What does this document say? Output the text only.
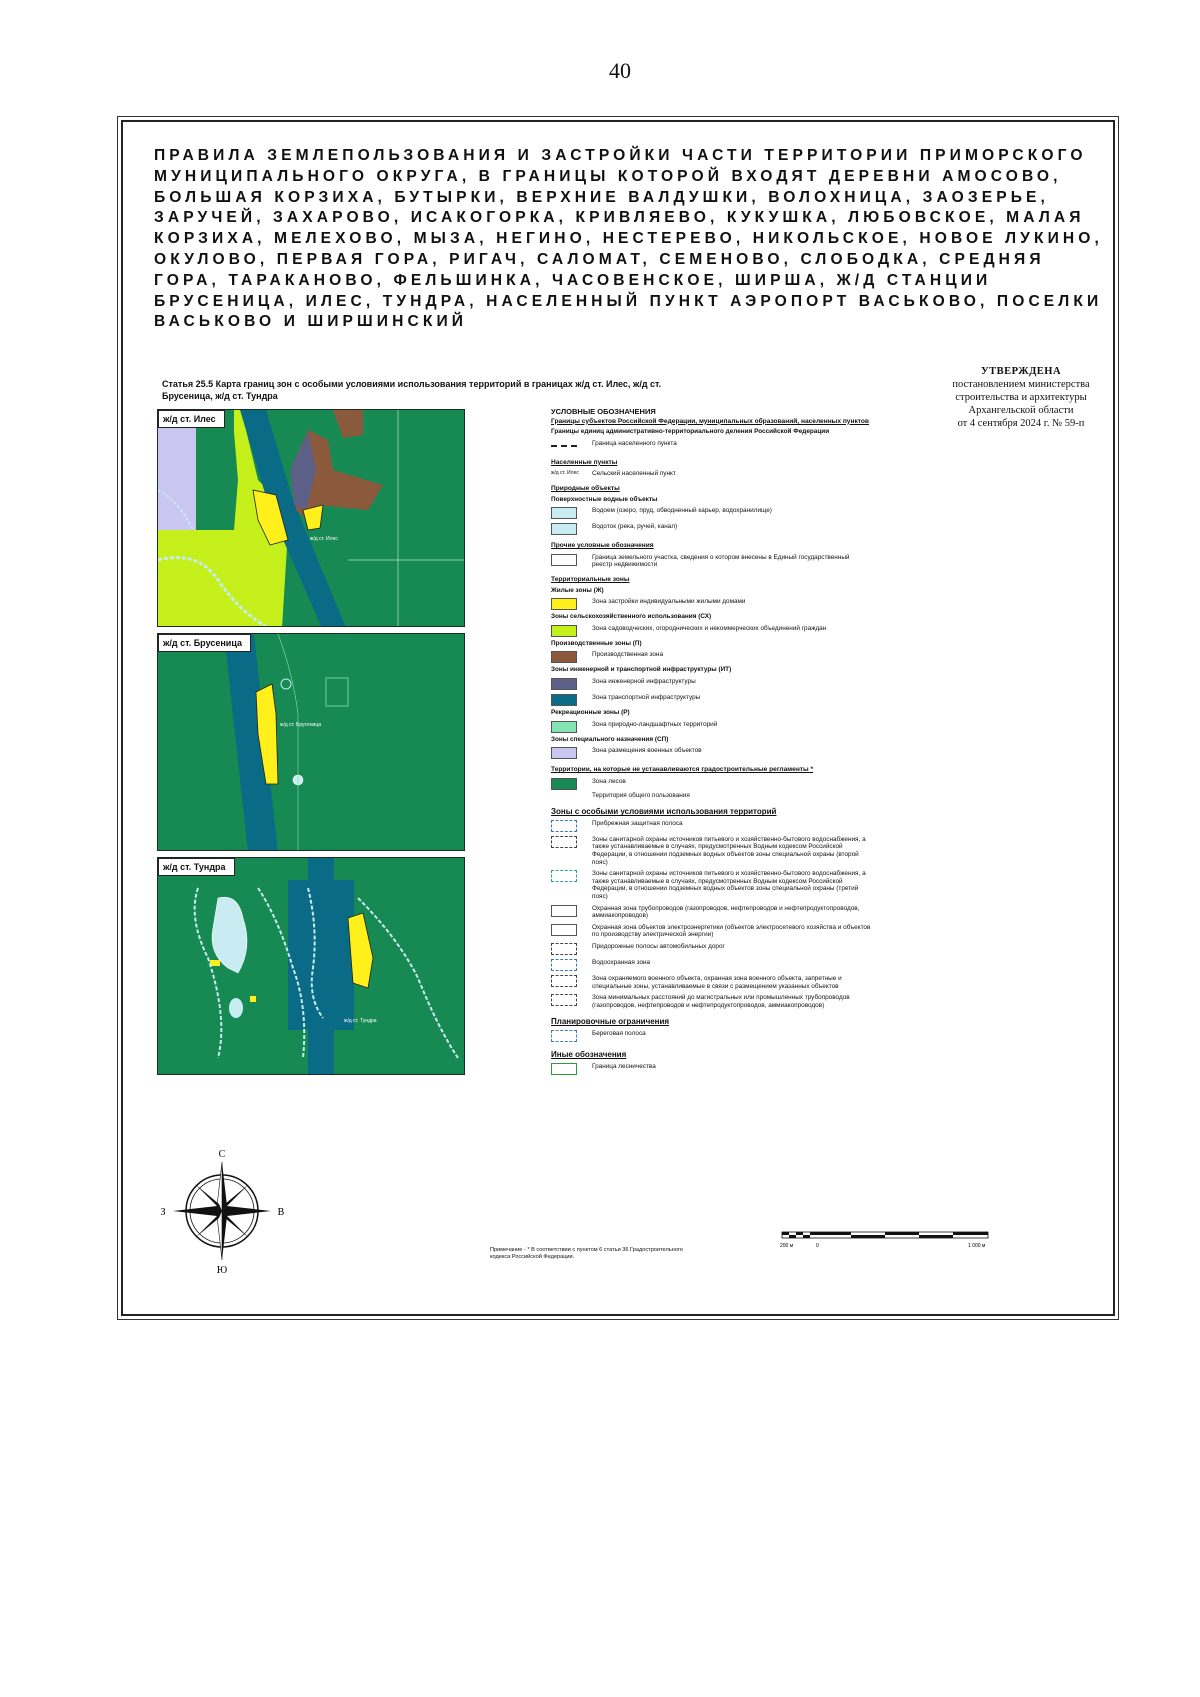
40
ПРАВИЛА ЗЕМЛЕПОЛЬЗОВАНИЯ И ЗАСТРОЙКИ ЧАСТИ ТЕРРИТОРИИ ПРИМОРСКОГО МУНИЦИПАЛЬНОГО ОКРУГА, В ГРАНИЦЫ КОТОРОЙ ВХОДЯТ ДЕРЕВНИ АМОСОВО, БОЛЬШАЯ КОРЗИХА, БУТЫРКИ, ВЕРХНИЕ ВАЛДУШКИ, ВОЛОХНИЦА, ЗАОЗЕРЬЕ, ЗАРУЧЕЙ, ЗАХАРОВО, ИСАКОГОРКА, КРИВЛЯЕВО, КУКУШКА, ЛЮБОВСКОЕ, МАЛАЯ КОРЗИХА, МЕЛЕХОВО, МЫЗА, НЕГИНО, НЕСТЕРЕВО, НИКОЛЬСКОЕ, НОВОЕ ЛУКИНО, ОКУЛОВО, ПЕРВАЯ ГОРА, РИГАЧ, САЛОМАТ, СЕМЕНОВО, СЛОБОДКА, СРЕДНЯЯ ГОРА, ТАРАКАНОВО, ФЕЛЬШИНКА, ЧАСОВЕНСКОЕ, ШИРША, Ж/Д СТАНЦИИ БРУСЕНИЦА, ИЛЕС, ТУНДРА, НАСЕЛЕННЫЙ ПУНКТ АЭРОПОРТ ВАСЬКОВО, ПОСЕЛКИ ВАСЬКОВО И ШИРШИНСКИЙ
УТВЕРЖДЕНА
постановлением министерства
строительства и архитектуры
Архангельской области
от 4 сентября 2024 г. № 59-п
Статья 25.5 Карта границ зон с особыми условиями использования территорий в границах ж/д ст. Илес, ж/д ст. Брусеница, ж/д ст. Тундра
ж/д ст. Илес
ж/д ст. Илес
ж/д ст. Брусеница
ж/д ст. Брусеница
ж/д ст. Тундра
ж/д ст. Тундра
УСЛОВНЫЕ ОБОЗНАЧЕНИЯ
Границы субъектов Российской Федерации, муниципальных образований, населенных пунктов
Границы единиц административно-территориального деления Российской Федерации
Граница населенного пункта
Населенные пункты
ж/д ст. Илес	Сельский населенный пункт
Природные объекты
Поверхностные водные объекты
Водоем (озеро, пруд, обводненный карьер, водохранилище)
Водоток (река, ручей, канал)
Прочие условные обозначения
Граница земельного участка, сведения о котором внесены в Единый государственный реестр недвижимости
Территориальные зоны
Жилые зоны (Ж)
Зона застройки индивидуальными жилыми домами
Зоны сельскохозяйственного использования (СХ)
Зона садоводческих, огороднических и некоммерческих объединений граждан
Производственные зоны (П)
Производственная зона
Зоны инженерной и транспортной инфраструктуры (ИТ)
Зона инженерной инфраструктуры
Зона транспортной инфраструктуры
Рекреационные зоны (Р)
Зона природно-ландшафтных территорий
Зоны специального назначения (СП)
Зона размещения военных объектов
Территории, на которые не устанавливаются градостроительные регламенты *
Зона лесов
Территория общего пользования
Зоны с особыми условиями использования территорий
Прибрежная защитная полоса
Зоны санитарной охраны источников питьевого и хозяйственно-бытового водоснабжения, а также устанавливаемые в случаях, предусмотренных Водным кодексом Российской Федерации, в отношении подземных водных объектов зоны специальной охраны (второй пояс)
Зоны санитарной охраны источников питьевого и хозяйственно-бытового водоснабжения, а также устанавливаемые в случаях, предусмотренных Водным кодексом Российской Федерации, в отношении подземных водных объектов зоны специальной охраны (третий пояс)
Охранная зона трубопроводов (газопроводов, нефтепроводов и нефтепродуктопроводов, аммиакопроводов)
Охранная зона объектов электроэнергетики (объектов электросетевого хозяйства и объектов по производству электрической энергии)
Придорожные полосы автомобильных дорог
Водоохранная зона
Зона охраняемого военного объекта, охранная зона военного объекта, запретные и специальные зоны, устанавливаемые в связи с размещением указанных объектов
Зона минимальных расстояний до магистральных или промышленных трубопроводов (газопроводов, нефтепроводов и нефтепродуктопроводов, аммиакопроводов)
Планировочные ограничения
Береговая полоса
Иные обозначения
Граница лесничества
С
Ю
З	В
200 м	0	1 000 м
Примечание - * В соответствии с пунктом 6 статьи 36 Градостроительного кодекса Российской Федерации.
